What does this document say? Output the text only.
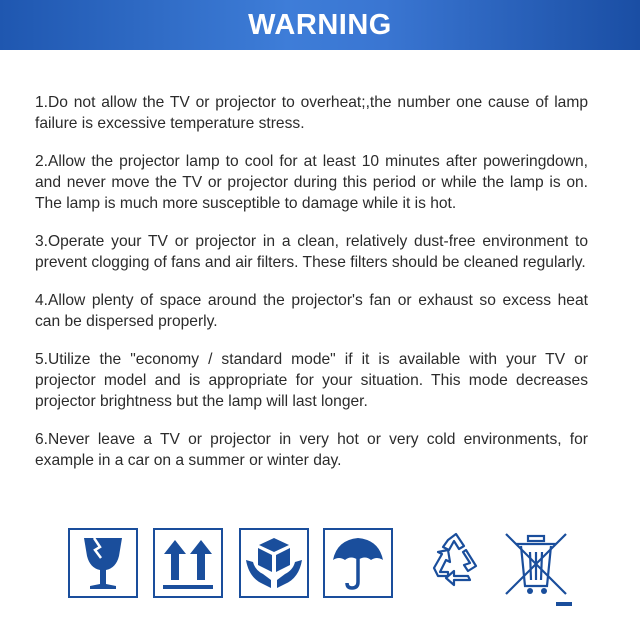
WARNING

1.Do not allow the TV or projector to overheat;,the number one cause of lamp failure is excessive temperature stress.

2.Allow the projector lamp to cool for at least 10 minutes after poweringdown, and never move the TV or projector during this period or while the lamp is on. The lamp is much more susceptible to damage while it is hot.

3.Operate your TV or projector in a clean, relatively dust-free environment to prevent clogging of fans and air filters. These filters should be cleaned regularly.

4.Allow plenty of space around the projector's fan or exhaust so excess heat can be dispersed properly.

5.Utilize the "economy / standard mode" if it is available with your TV or projector model and is appropriate for your situation. This mode decreases projector brightness but the lamp will last longer.

6.Never leave a TV or projector in very hot or very cold environments, for example in a car on a summer or winter day.
